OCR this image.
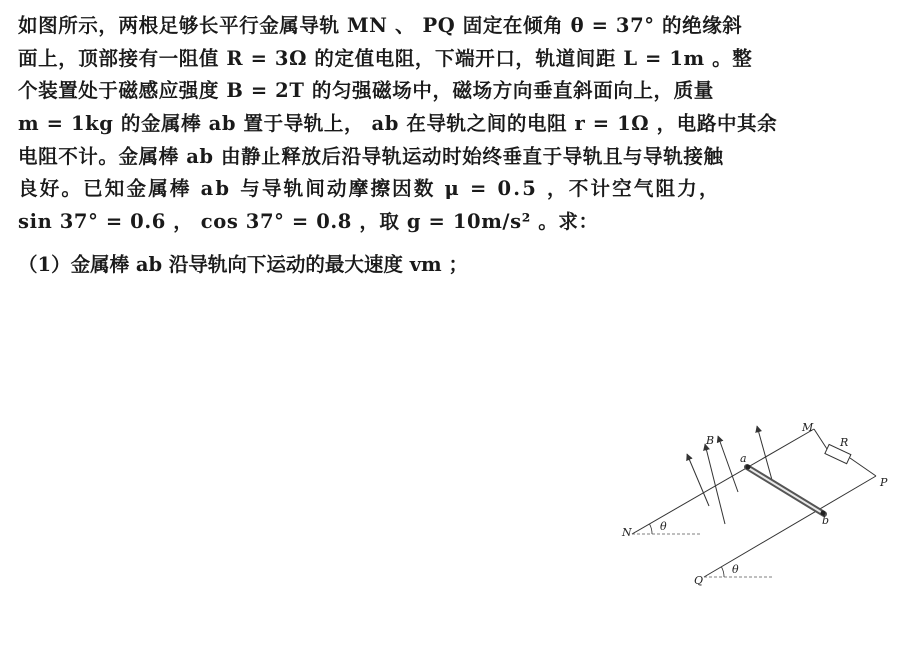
如图所示，两根足够长平行金属导轨 MN 、 PQ 固定在倾角 θ = 37° 的绝缘斜
面上，顶部接有一阻值 R = 3Ω 的定值电阻，下端开口，轨道间距 L = 1m 。整
个装置处于磁感应强度 B = 2T 的匀强磁场中，磁场方向垂直斜面向上，质量
m = 1kg 的金属棒 ab 置于导轨上， ab 在导轨之间的电阻 r = 1Ω ，电路中其余
电阻不计。金属棒 ab 由静止释放后沿导轨运动时始终垂直于导轨且与导轨接触
良好。已知金属棒 ab 与导轨间动摩擦因数 μ = 0.5 ，不计空气阻力，
sin 37° = 0.6 ， cos 37° = 0.8 ，取 g = 10m/s² 。求：
（1）金属棒 ab 沿导轨向下运动的最大速度 vm ；
B
M
R
P
a
b
N
Q
θ
θ
